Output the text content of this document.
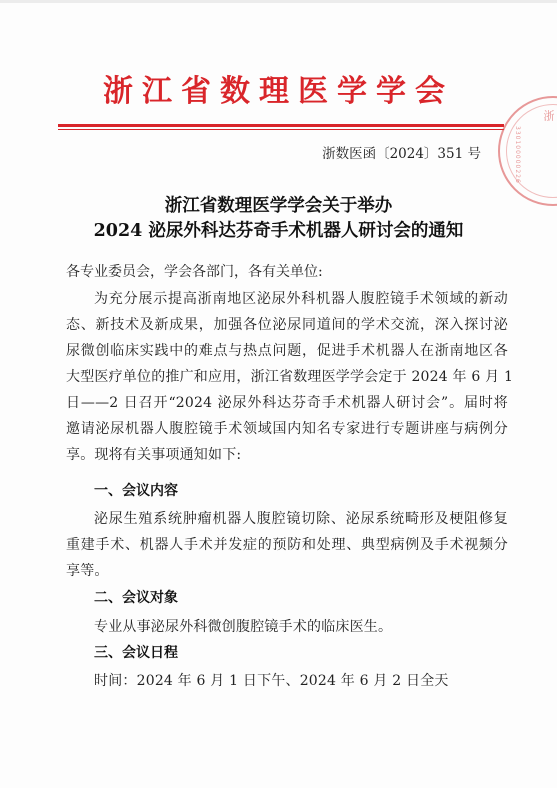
浙江省数理医学学会
330100000226
浙
浙数医函〔2024〕351 号
浙江省数理医学学会关于举办
2024 泌尿外科达芬奇手术机器人研讨会的通知
各专业委员会，学会各部门，各有关单位:
为充分展示提高浙南地区泌尿外科机器人腹腔镜手术领域的新动
态、新技术及新成果，加强各位泌尿同道间的学术交流，深入探讨泌
尿微创临床实践中的难点与热点问题，促进手术机器人在浙南地区各
大型医疗单位的推广和应用，浙江省数理医学学会定于 2024 年 6 月 1
日——2 日召开“2024 泌尿外科达芬奇手术机器人研讨会”。届时将
邀请泌尿机器人腹腔镜手术领域国内知名专家进行专题讲座与病例分
享。现将有关事项通知如下:
一、会议内容
泌尿生殖系统肿瘤机器人腹腔镜切除、泌尿系统畸形及梗阻修复
重建手术、机器人手术并发症的预防和处理、典型病例及手术视频分
享等。
二、会议对象
专业从事泌尿外科微创腹腔镜手术的临床医生。
三、会议日程
时间：2024 年 6 月 1 日下午、2024 年 6 月 2 日全天
